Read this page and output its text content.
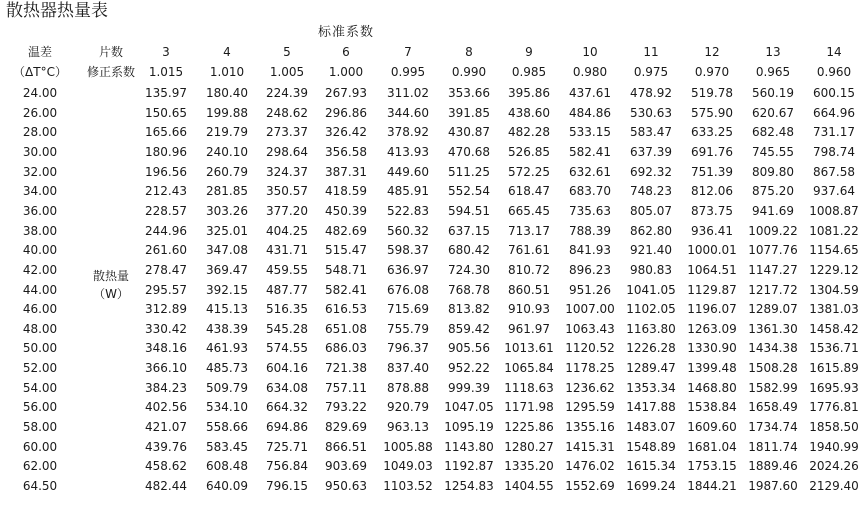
散热器热量表
标准系数
温差	片数	3	4	5	6	7	8	9	10	11	12	13	14
（ΔT°C）	修正系数	1.015	1.010	1.005	1.000	0.995	0.990	0.985	0.980	0.975	0.970	0.965	0.960
24.00	135.97	180.40	224.39	267.93	311.02	353.66	395.86	437.61	478.92	519.78	560.19	600.15
26.00	150.65	199.88	248.62	296.86	344.60	391.85	438.60	484.86	530.63	575.90	620.67	664.96
28.00	165.66	219.79	273.37	326.42	378.92	430.87	482.28	533.15	583.47	633.25	682.48	731.17
30.00	180.96	240.10	298.64	356.58	413.93	470.68	526.85	582.41	637.39	691.76	745.55	798.74
32.00	196.56	260.79	324.37	387.31	449.60	511.25	572.25	632.61	692.32	751.39	809.80	867.58
34.00	212.43	281.85	350.57	418.59	485.91	552.54	618.47	683.70	748.23	812.06	875.20	937.64
36.00	228.57	303.26	377.20	450.39	522.83	594.51	665.45	735.63	805.07	873.75	941.69	1008.87
38.00	244.96	325.01	404.25	482.69	560.32	637.15	713.17	788.39	862.80	936.41	1009.22 1081.22
40.00	261.60	347.08	431.71	515.47	598.37	680.42	761.61	841.93	921.40	1000.01 1077.76 1154.65
42.00	278.47	369.47	459.55	548.71	636.97	724.30	810.72	896.23	980.83	1064.51 1147.27 1229.12
44.00	295.57	392.15	487.77	582.41	676.08	768.78	860.51	951.26	1041.05 1129.87 1217.72 1304.59
46.00	312.89	415.13	516.35	616.53	715.69	813.82	910.93	1007.00 1102.05 1196.07 1289.07 1381.03
48.00	330.42	438.39	545.28	651.08	755.79	859.42	961.97	1063.43 1163.80 1263.09 1361.30 1458.42
50.00	348.16	461.93	574.55	686.03	796.37	905.56	1013.61 1120.52 1226.28 1330.90 1434.38 1536.71
52.00	366.10	485.73	604.16	721.38	837.40	952.22	1065.84 1178.25 1289.47 1399.48 1508.28 1615.89
54.00	384.23	509.79	634.08	757.11	878.88	999.39	1118.63 1236.62 1353.34 1468.80 1582.99 1695.93
56.00	402.56	534.10	664.32	793.22	920.79	1047.05 1171.98 1295.59 1417.88 1538.84 1658.49 1776.81
58.00	421.07	558.66	694.86	829.69	963.13	1095.19 1225.86 1355.16 1483.07 1609.60 1734.74 1858.50
60.00	439.76	583.45	725.71	866.51	1005.88 1143.80 1280.27 1415.31 1548.89 1681.04 1811.74 1940.99
62.00	458.62	608.48	756.84	903.69	1049.03 1192.87 1335.20 1476.02 1615.34 1753.15 1889.46 2024.26
64.50	482.44	640.09	796.15	950.63	1103.52 1254.83 1404.55 1552.69 1699.24 1844.21 1987.60 2129.40
散热量
（W）
